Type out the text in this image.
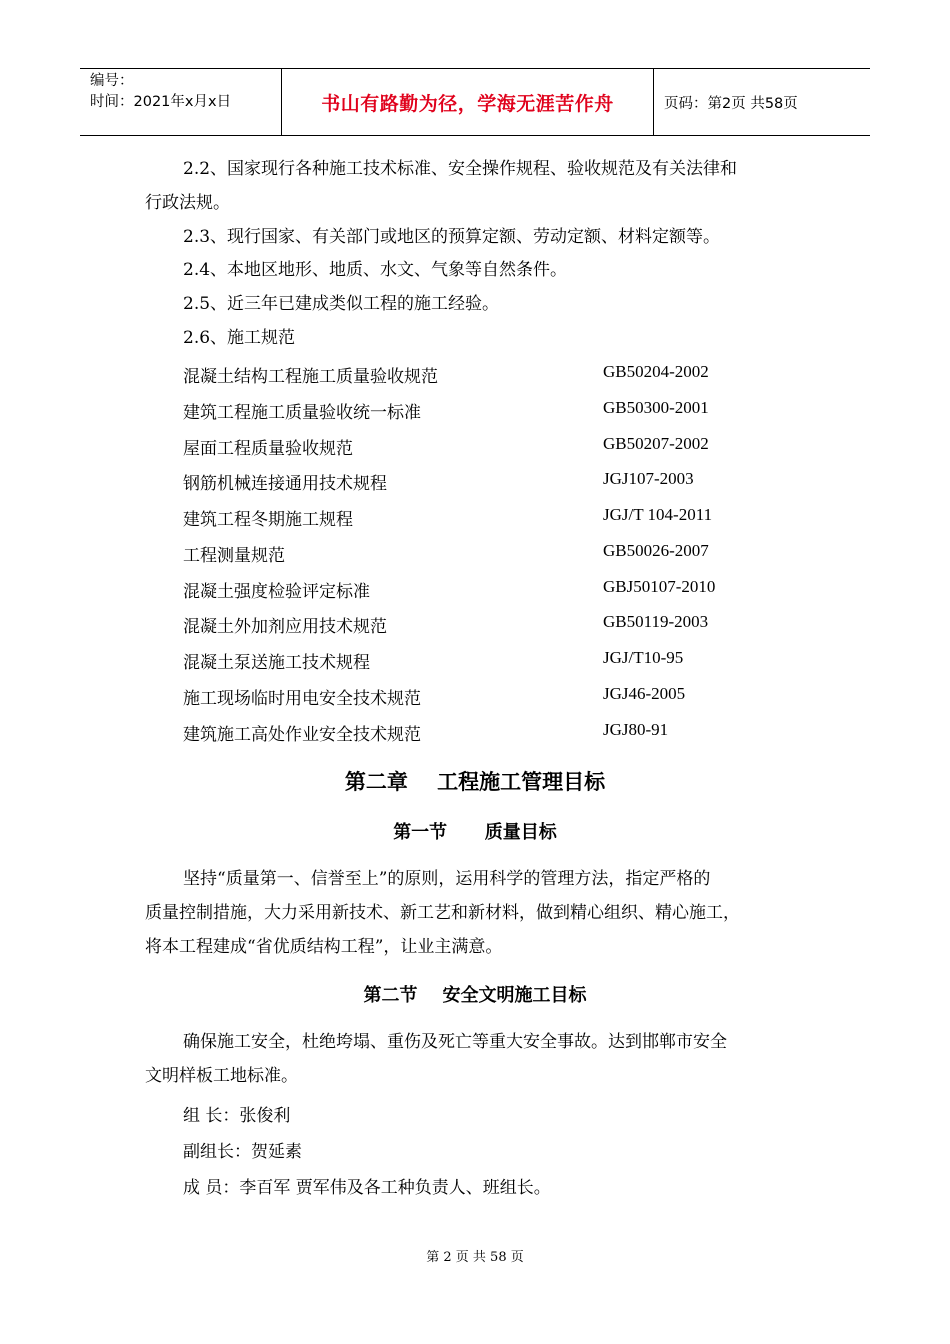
编号：
时间：2021年x月x日	书山有路勤为径，学海无涯苦作舟	页码：第2页 共58页
2.2、国家现行各种施工技术标准、安全操作规程、验收规范及有关法律和
行政法规。
2.3、现行国家、有关部门或地区的预算定额、劳动定额、材料定额等。
2.4、本地区地形、地质、水文、气象等自然条件。
2.5、近三年已建成类似工程的施工经验。
2.6、施工规范
混凝土结构工程施工质量验收规范	GB50204-2002
建筑工程施工质量验收统一标准	GB50300-2001
屋面工程质量验收规范	GB50207-2002
钢筋机械连接通用技术规程	JGJ107-2003
建筑工程冬期施工规程	JGJ/T 104-2011
工程测量规范	GB50026-2007
混凝土强度检验评定标准	GBJ50107-2010
混凝土外加剂应用技术规范	GB50119-2003
混凝土泵送施工技术规程	JGJ/T10-95
施工现场临时用电安全技术规范	JGJ46-2005
建筑施工高处作业安全技术规范	JGJ80-91
第二章    工程施工管理目标
第一节      质量目标
坚持“质量第一、信誉至上”的原则，运用科学的管理方法，指定严格的
质量控制措施，大力采用新技术、新工艺和新材料，做到精心组织、精心施工，
将本工程建成“省优质结构工程”，让业主满意。
第二节    安全文明施工目标
确保施工安全，杜绝垮塌、重伤及死亡等重大安全事故。达到邯郸市安全
文明样板工地标准。
组 长：张俊利
副组长：贺延素
成 员：李百军 贾军伟及各工种负责人、班组长。
第 2 页 共 58 页
